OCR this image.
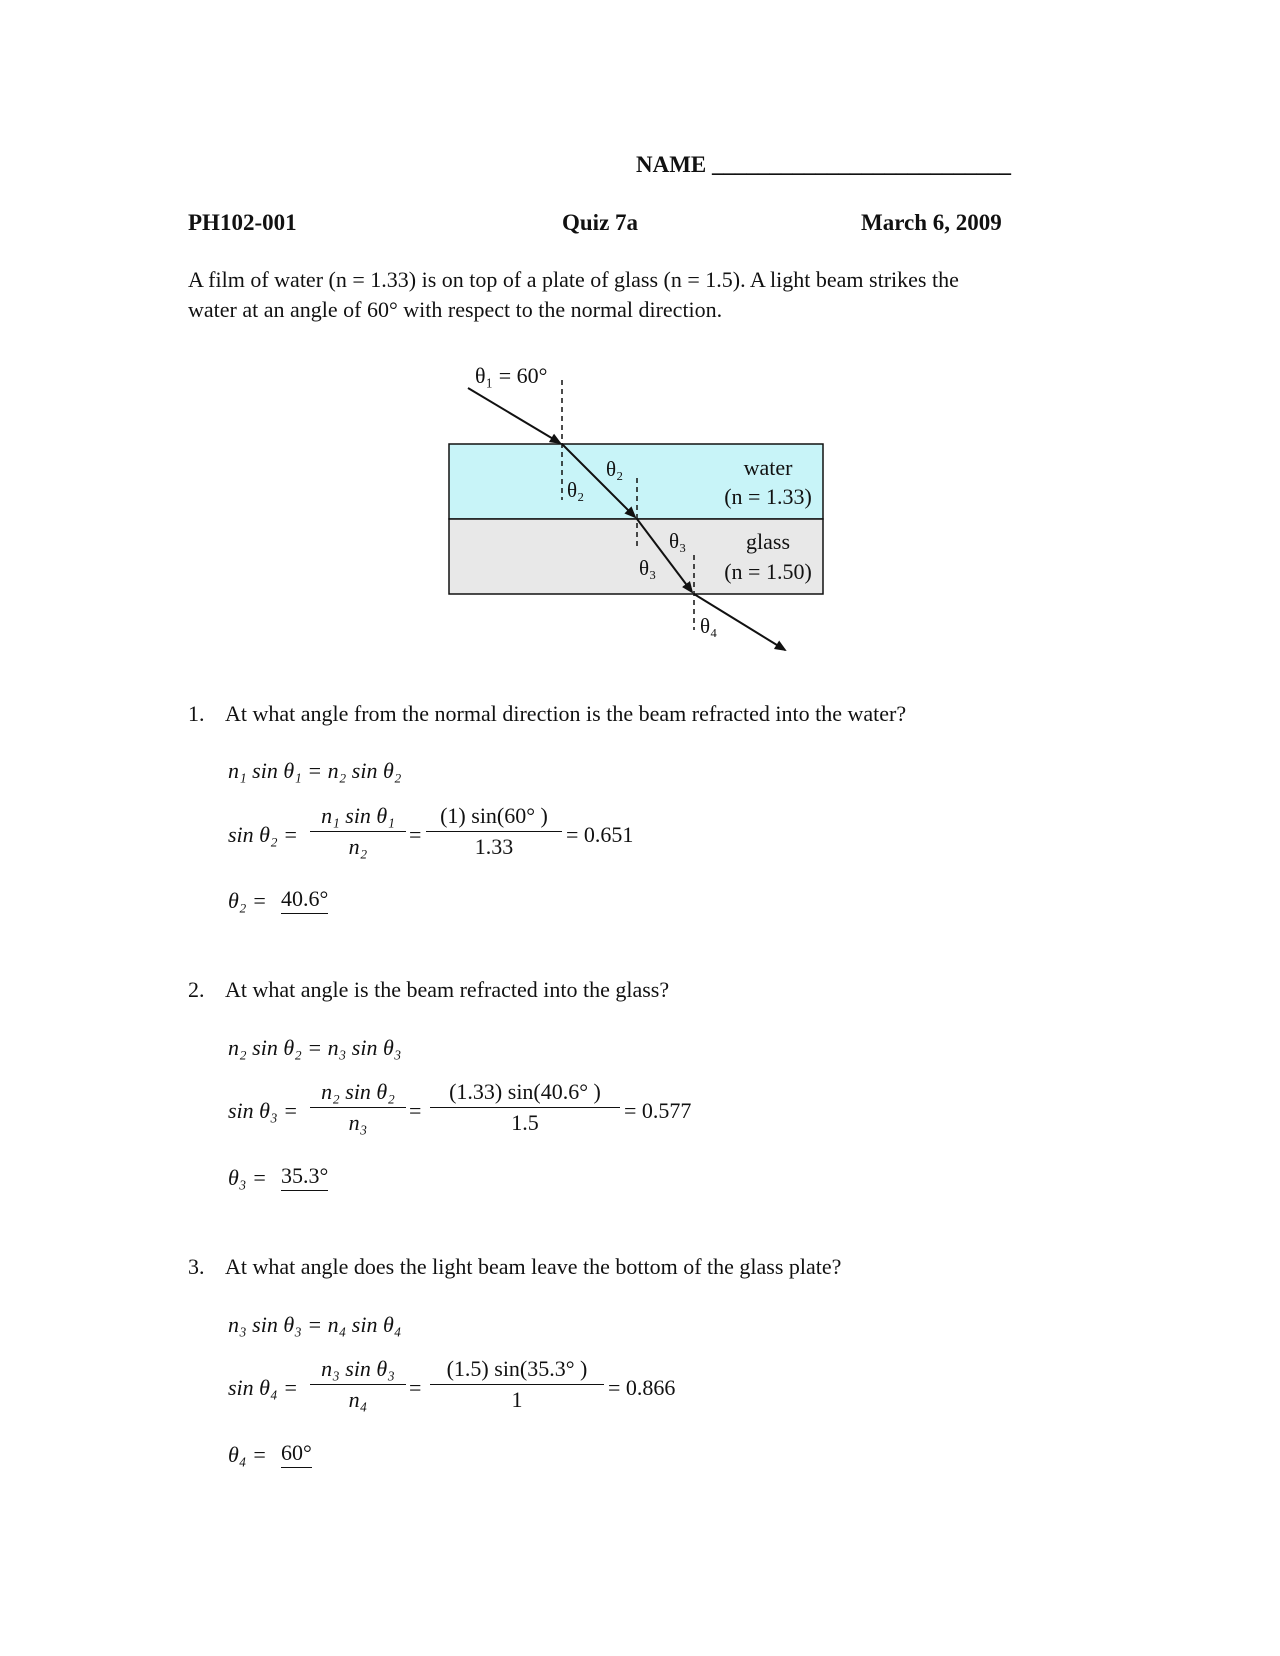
NAME __________________________
PH102-001	Quiz 7a	March 6, 2009
A film of water (n = 1.33) is on top of a plate of glass (n = 1.5). A light beam strikes the
water at an angle of 60° with respect to the normal direction.
θ₁ = 60°
θ₂
θ₂
θ₃
θ₃
θ₄
water
(n = 1.33)
glass
(n = 1.50)
1. At what angle from the normal direction is the beam refracted into the water?
n₁ sin θ₁ = n₂ sin θ₂
sin θ₂ =
n₁ sin θ₁
n₂	=
(1) sin(60° )
1.33	= 0.651
θ₂ = 40.6°
2. At what angle is the beam refracted into the glass?
n₂ sin θ₂ = n₃ sin θ₃
sin θ₃ =
n₂ sin θ₂
n₃	=
(1.33) sin(40.6° )
1.5	= 0.577
θ₃ = 35.3°
3. At what angle does the light beam leave the bottom of the glass plate?
n₃ sin θ₃ = n₄ sin θ₄
sin θ₄ =
n₃ sin θ₃
n₄	=
(1.5) sin(35.3° )
1	= 0.866
θ₄ = 60°
